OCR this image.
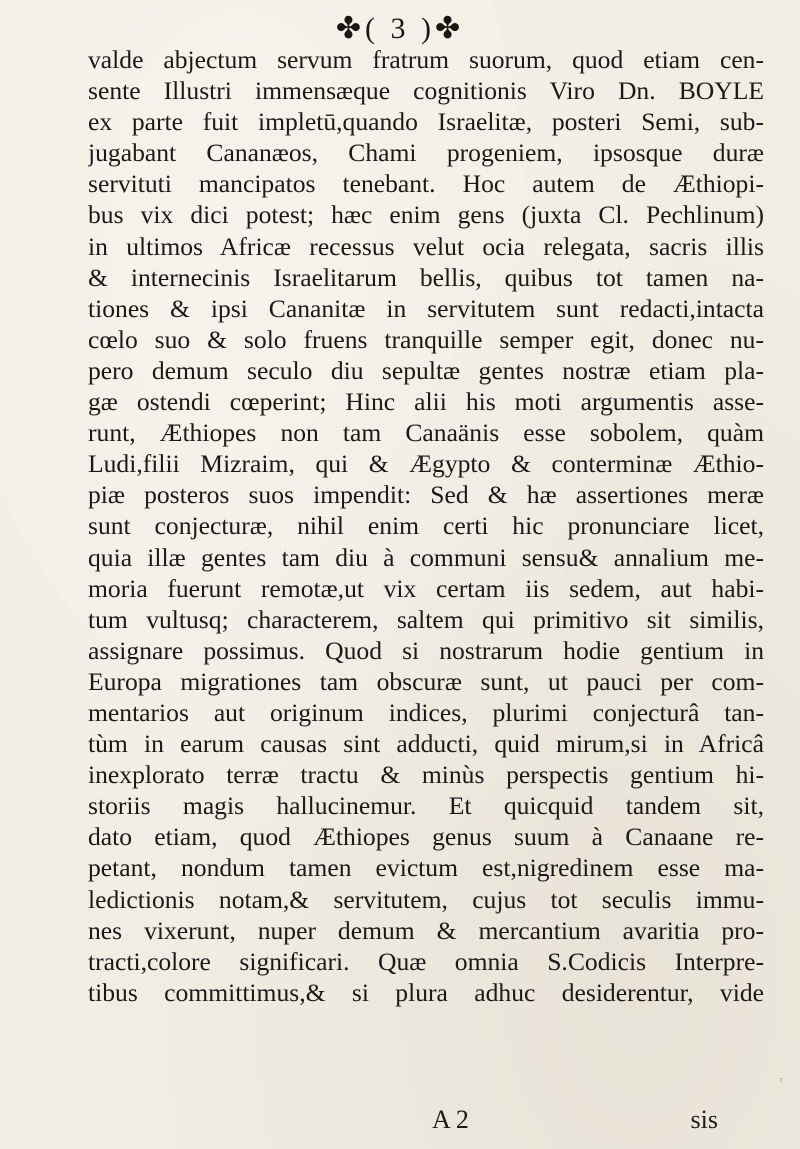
✤( 3 )✤
valde abjectum servum fratrum suorum, quod etiam cen-
sente Illustri immensæque cognitionis Viro Dn. BOYLE
ex parte fuit impletū,quando Israelitæ, posteri Semi, sub-
jugabant Cananæos, Chami progeniem, ipsosque duræ
servituti mancipatos tenebant. Hoc autem de Æthiopi-
bus vix dici potest; hæc enim gens (juxta Cl. Pechlinum)
in ultimos Africæ recessus velut ocia relegata, sacris illis
& internecinis Israelitarum bellis, quibus tot tamen na-
tiones & ipsi Cananitæ in servitutem sunt redacti,intacta
cœlo suo & solo fruens tranquille semper egit, donec nu-
pero demum seculo diu sepultæ gentes nostræ etiam pla-
gæ ostendi cœperint; Hinc alii his moti argumentis asse-
runt, Æthiopes non tam Canaänis esse sobolem, quàm
Ludi,filii Mizraim, qui & Ægypto & conterminæ Æthio-
piæ posteros suos impendit: Sed & hæ assertiones meræ
sunt conjecturæ, nihil enim certi hic pronunciare licet,
quia illæ gentes tam diu à communi sensu& annalium me-
moria fuerunt remotæ,ut vix certam iis sedem, aut habi-
tum vultusq; characterem, saltem qui primitivo sit similis,
assignare possimus. Quod si nostrarum hodie gentium in
Europa migrationes tam obscuræ sunt, ut pauci per com-
mentarios aut originum indices, plurimi conjecturâ tan-
tùm in earum causas sint adducti, quid mirum,si in Africâ
inexplorato terræ tractu & minùs perspectis gentium hi-
storiis magis hallucinemur. Et quicquid tandem sit,
dato etiam, quod Æthiopes genus suum à Canaane re-
petant, nondum tamen evictum est,nigredinem esse ma-
ledictionis notam,& servitutem, cujus tot seculis immu-
nes vixerunt, nuper demum & mercantium avaritia pro-
tracti,colore significari. Quæ omnia S.Codicis Interpre-
tibus committimus,& si plura adhuc desiderentur, vide
ʳ
A 2	sis
